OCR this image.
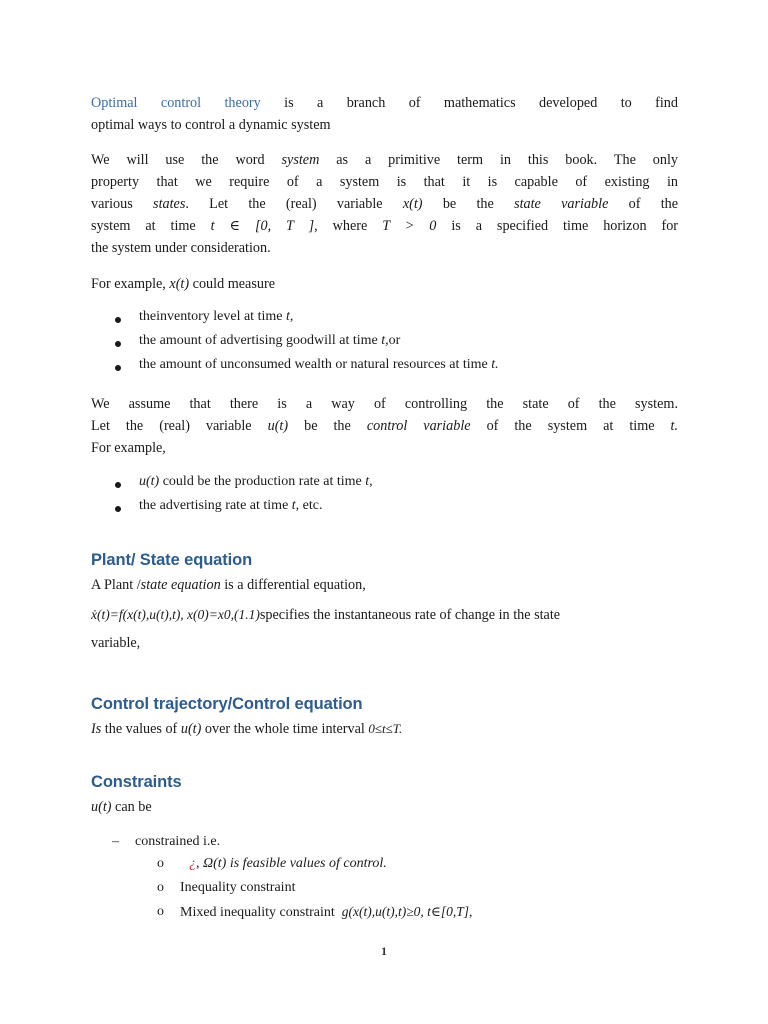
Optimal control theory is a branch of mathematics developed to find

optimal ways to control a dynamic system

We will use the word system as a primitive term in this book. The only

property that we require of a system is that it is capable of existing in

various states. Let the (real) variable x(t) be the state variable of the

system at time t ∈ [0, T ], where T > 0 is a specified time horizon for

the system under consideration.

For example, x(t) could measure

theinventory level at time t,
the amount of advertising goodwill at time t,or
the amount of unconsumed wealth or natural resources at time t.

We assume that there is a way of controlling the state of the system.

Let the (real) variable u(t) be the control variable of the system at time t.

For example,

u(t) could be the production rate at time t,
the advertising rate at time t, etc.
Plant/ State equation

A Plant /state equation is a differential equation,

ẋ(t)=f(x(t),u(t),t), x(0)=x0,(1.1)specifies the instantaneous rate of change in the state

variable,

Control trajectory/Control equation

Is the values of u(t) over the whole time interval 0≤t≤T.

Constraints

u(t) can be

– constrained i.e.
o ¿, Ω(t) is feasible values of control.
o Inequality constraint
o Mixed inequality constraint g(x(t),u(t),t)≥0, t∈[0,T],
1
